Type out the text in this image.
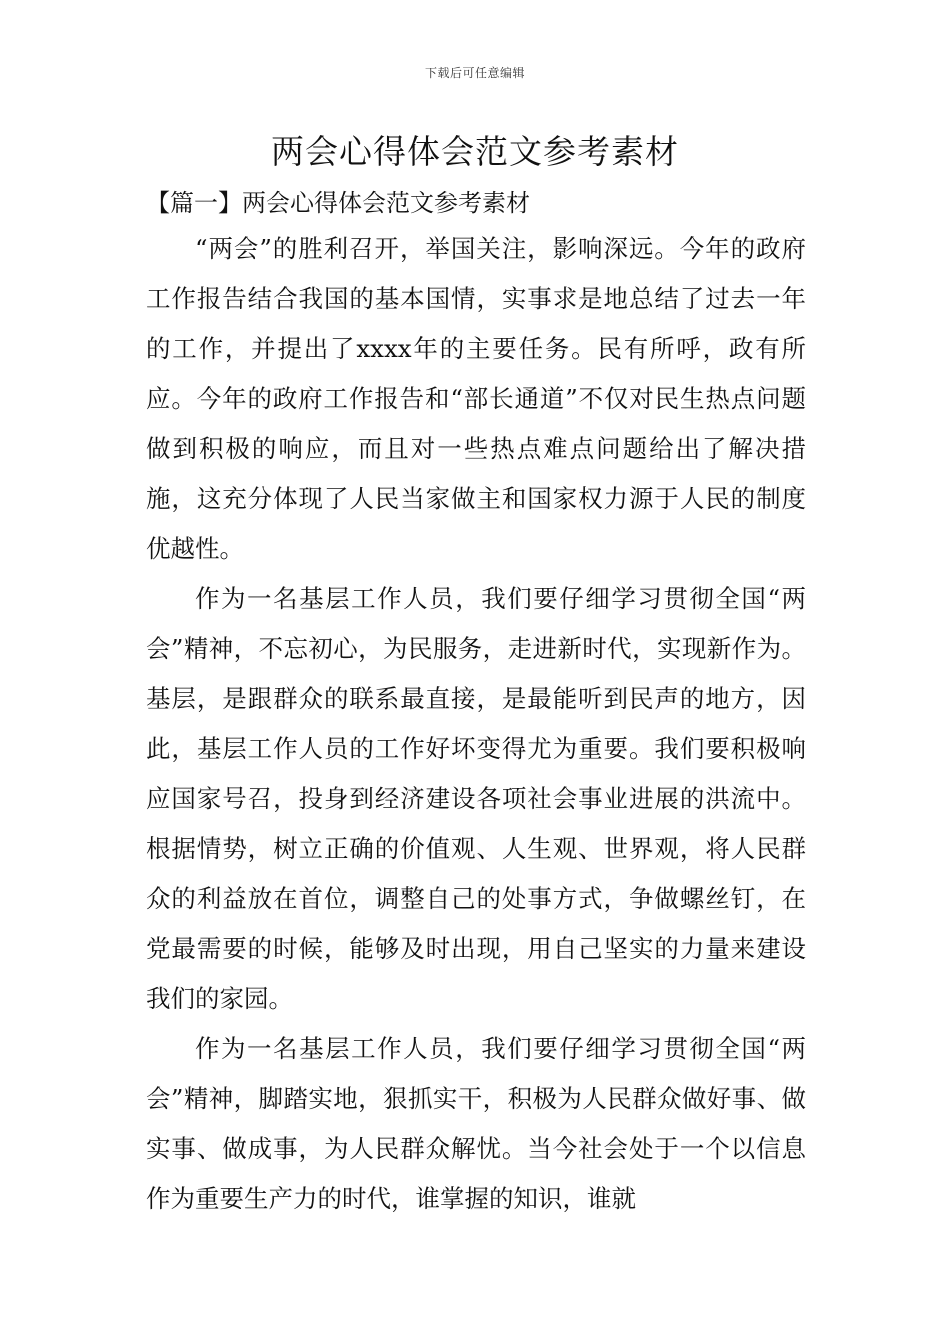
下载后可任意编辑
两会心得体会范文参考素材
【篇一】两会心得体会范文参考素材

“两会”的胜利召开，举国关注，影响深远。今年的政府工作报告结合我国的基本国情，实事求是地总结了过去一年的工作，并提出了xxxx年的主要任务。民有所呼，政有所应。今年的政府工作报告和“部长通道”不仅对民生热点问题做到积极的响应，而且对一些热点难点问题给出了解决措施，这充分体现了人民当家做主和国家权力源于人民的制度优越性。

作为一名基层工作人员，我们要仔细学习贯彻全国“两会”精神，不忘初心，为民服务，走进新时代，实现新作为。基层，是跟群众的联系最直接，是最能听到民声的地方，因此，基层工作人员的工作好坏变得尤为重要。我们要积极响应国家号召，投身到经济建设各项社会事业进展的洪流中。根据情势，树立正确的价值观、人生观、世界观，将人民群众的利益放在首位，调整自己的处事方式，争做螺丝钉，在党最需要的时候，能够及时出现，用自己坚实的力量来建设我们的家园。

作为一名基层工作人员，我们要仔细学习贯彻全国“两会”精神，脚踏实地，狠抓实干，积极为人民群众做好事、做实事、做成事，为人民群众解忧。当今社会处于一个以信息作为重要生产力的时代，谁掌握的知识，谁就
